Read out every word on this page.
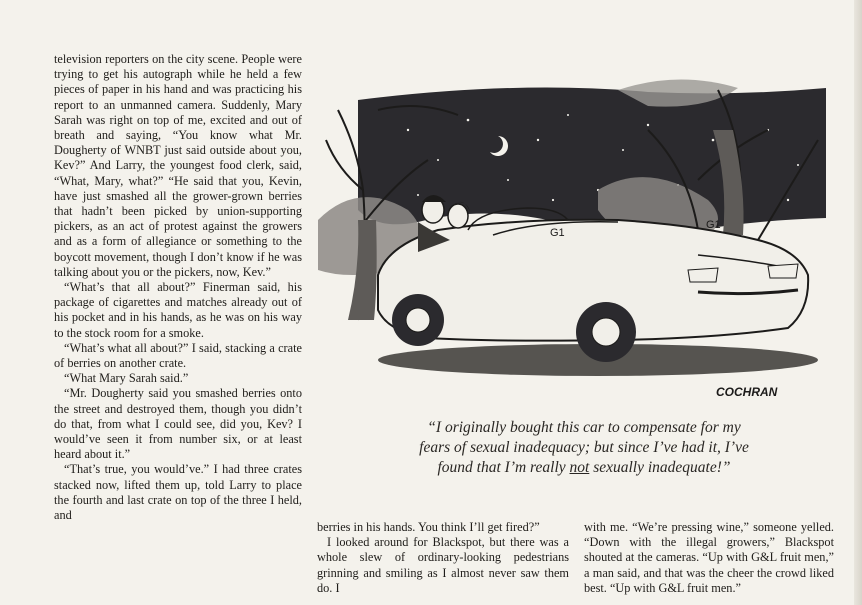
television reporters on the city scene. People were trying to get his autograph while he held a few pieces of paper in his hand and was practicing his report to an unmanned camera. Suddenly, Mary Sarah was right on top of me, excited and out of breath and saying, “You know what Mr. Dougherty of WNBT just said outside about you, Kev?” And Larry, the youngest food clerk, said, “What, Mary, what?” “He said that you, Kevin, have just smashed all the grower-grown berries that hadn’t been picked by union-supporting pickers, as an act of protest against the growers and as a form of allegiance or something to the boycott movement, though I don’t know if he was talking about you or the pickers, now, Kev.”

“What’s that all about?” Finerman said, his package of cigarettes and matches already out of his pocket and in his hands, as he was on his way to the stock room for a smoke.

“What’s what all about?” I said, stacking a crate of berries on another crate.

“What Mary Sarah said.”

“Mr. Dougherty said you smashed berries onto the street and destroyed them, though you didn’t do that, from what I could see, did you, Kev? I would’ve seen it from number six, or at least heard about it.”

“That’s true, you would’ve.” I had three crates stacked now, lifted them up, told Larry to place the fourth and last crate on top of the three I held, and

G1
G1
COCHRAN
“I originally bought this car to compensate for my
fears of sexual inadequacy; but since I’ve had it, I’ve
found that I’m really not sexually inadequate!”

berries in his hands. You think I’ll get fired?”

I looked around for Blackspot, but there was a whole slew of ordinary-looking pedestrians grinning and smiling as I almost never saw them do. I

with me. “We’re pressing wine,” someone yelled. “Down with the illegal growers,” Blackspot shouted at the cameras. “Up with G&L fruit men,” a man said, and that was the cheer the crowd liked best. “Up with G&L fruit men.”
